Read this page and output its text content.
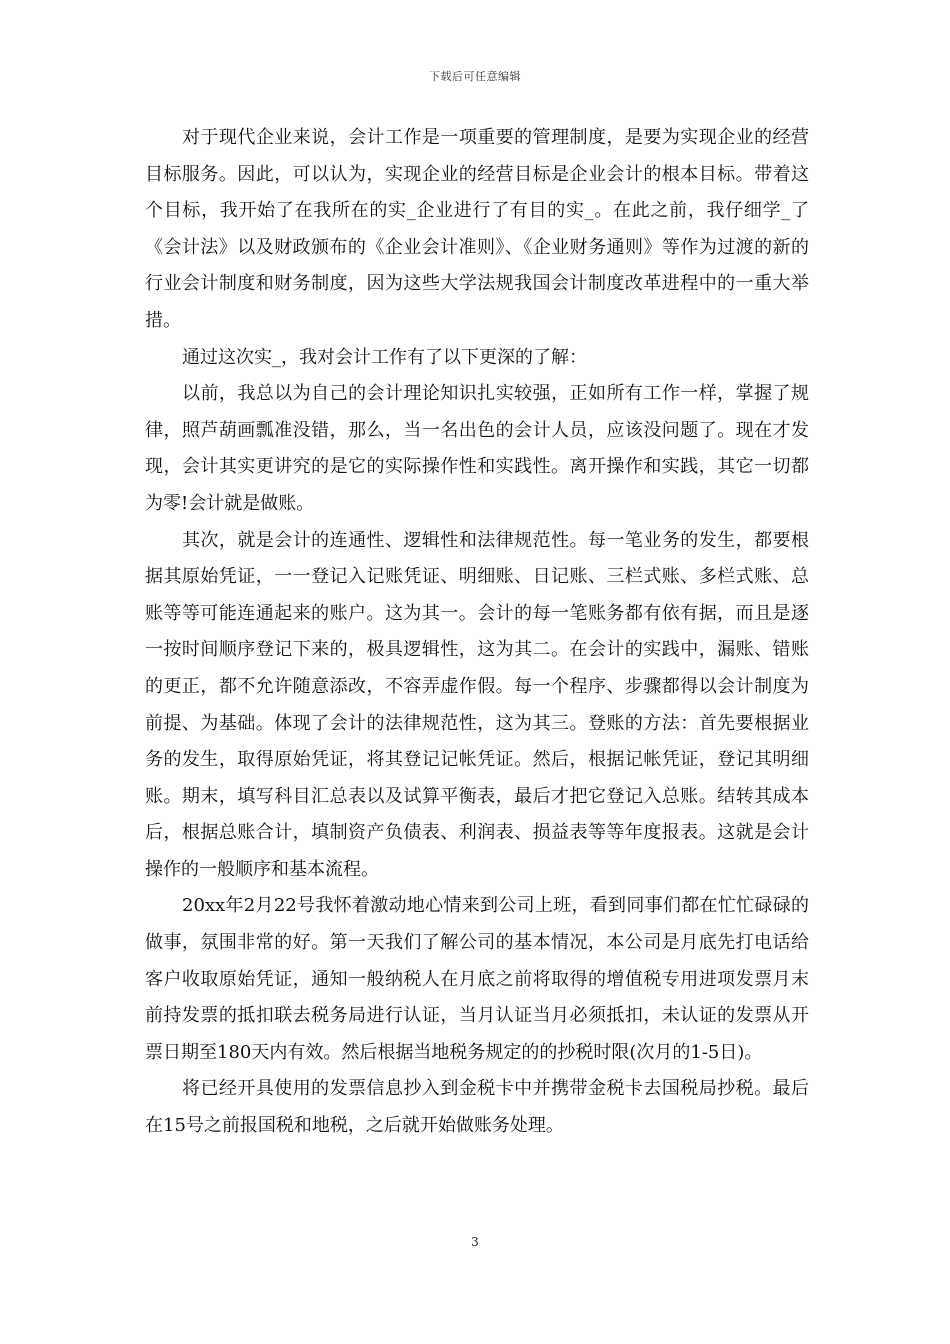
下载后可任意编辑

对于现代企业来说，会计工作是一项重要的管理制度，是要为实现企业的经营目标服务。因此，可以认为，实现企业的经营目标是企业会计的根本目标。带着这个目标，我开始了在我所在的实_企业进行了有目的实_。在此之前，我仔细学_了《会计法》以及财政颁布的《企业会计准则》、《企业财务通则》等作为过渡的新的行业会计制度和财务制度，因为这些大学法规我国会计制度改革进程中的一重大举措。

通过这次实_，我对会计工作有了以下更深的了解：

以前，我总以为自己的会计理论知识扎实较强，正如所有工作一样，掌握了规律，照芦葫画瓢准没错，那么，当一名出色的会计人员，应该没问题了。现在才发现，会计其实更讲究的是它的实际操作性和实践性。离开操作和实践，其它一切都为零!会计就是做账。

其次，就是会计的连通性、逻辑性和法律规范性。每一笔业务的发生，都要根据其原始凭证，一一登记入记账凭证、明细账、日记账、三栏式账、多栏式账、总账等等可能连通起来的账户。这为其一。会计的每一笔账务都有依有据，而且是逐一按时间顺序登记下来的，极具逻辑性，这为其二。在会计的实践中，漏账、错账的更正，都不允许随意添改，不容弄虚作假。每一个程序、步骤都得以会计制度为前提、为基础。体现了会计的法律规范性，这为其三。登账的方法：首先要根据业务的发生，取得原始凭证，将其登记记帐凭证。然后，根据记帐凭证，登记其明细账。期末，填写科目汇总表以及试算平衡表，最后才把它登记入总账。结转其成本后，根据总账合计，填制资产负债表、利润表、损益表等等年度报表。这就是会计操作的一般顺序和基本流程。

20xx年2月22号我怀着激动地心情来到公司上班，看到同事们都在忙忙碌碌的做事，氛围非常的好。第一天我们了解公司的基本情况，本公司是月底先打电话给客户收取原始凭证，通知一般纳税人在月底之前将取得的增值税专用进项发票月末前持发票的抵扣联去税务局进行认证，当月认证当月必须抵扣，未认证的发票从开票日期至180天内有效。然后根据当地税务规定的的抄税时限(次月的1-5日)。

将已经开具使用的发票信息抄入到金税卡中并携带金税卡去国税局抄税。最后在15号之前报国税和地税，之后就开始做账务处理。

3
